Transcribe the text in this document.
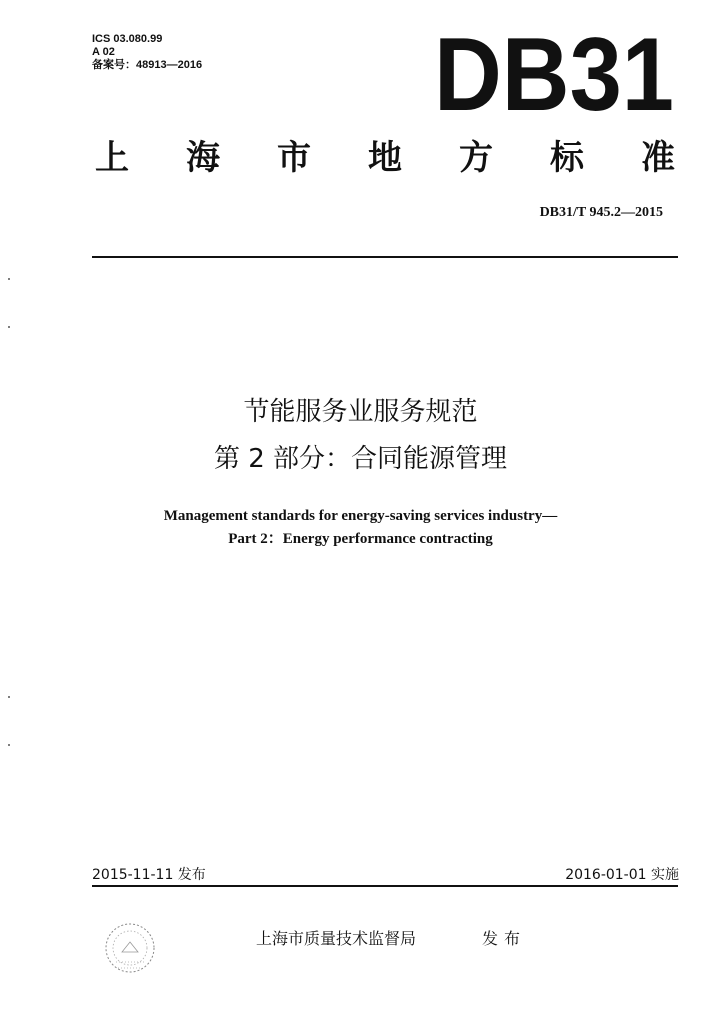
ICS 03.080.99
A 02
备案号：48913—2016 DB31
上 海 市 地 方 标 准
DB31/T 945.2—2015
节能服务业服务规范
第 2 部分：合同能源管理
Management standards for energy-saving services industry—
Part 2：Energy performance contracting
2015-11-11 发布	2016-01-01 实施
上海市质量技术监督局	发布
